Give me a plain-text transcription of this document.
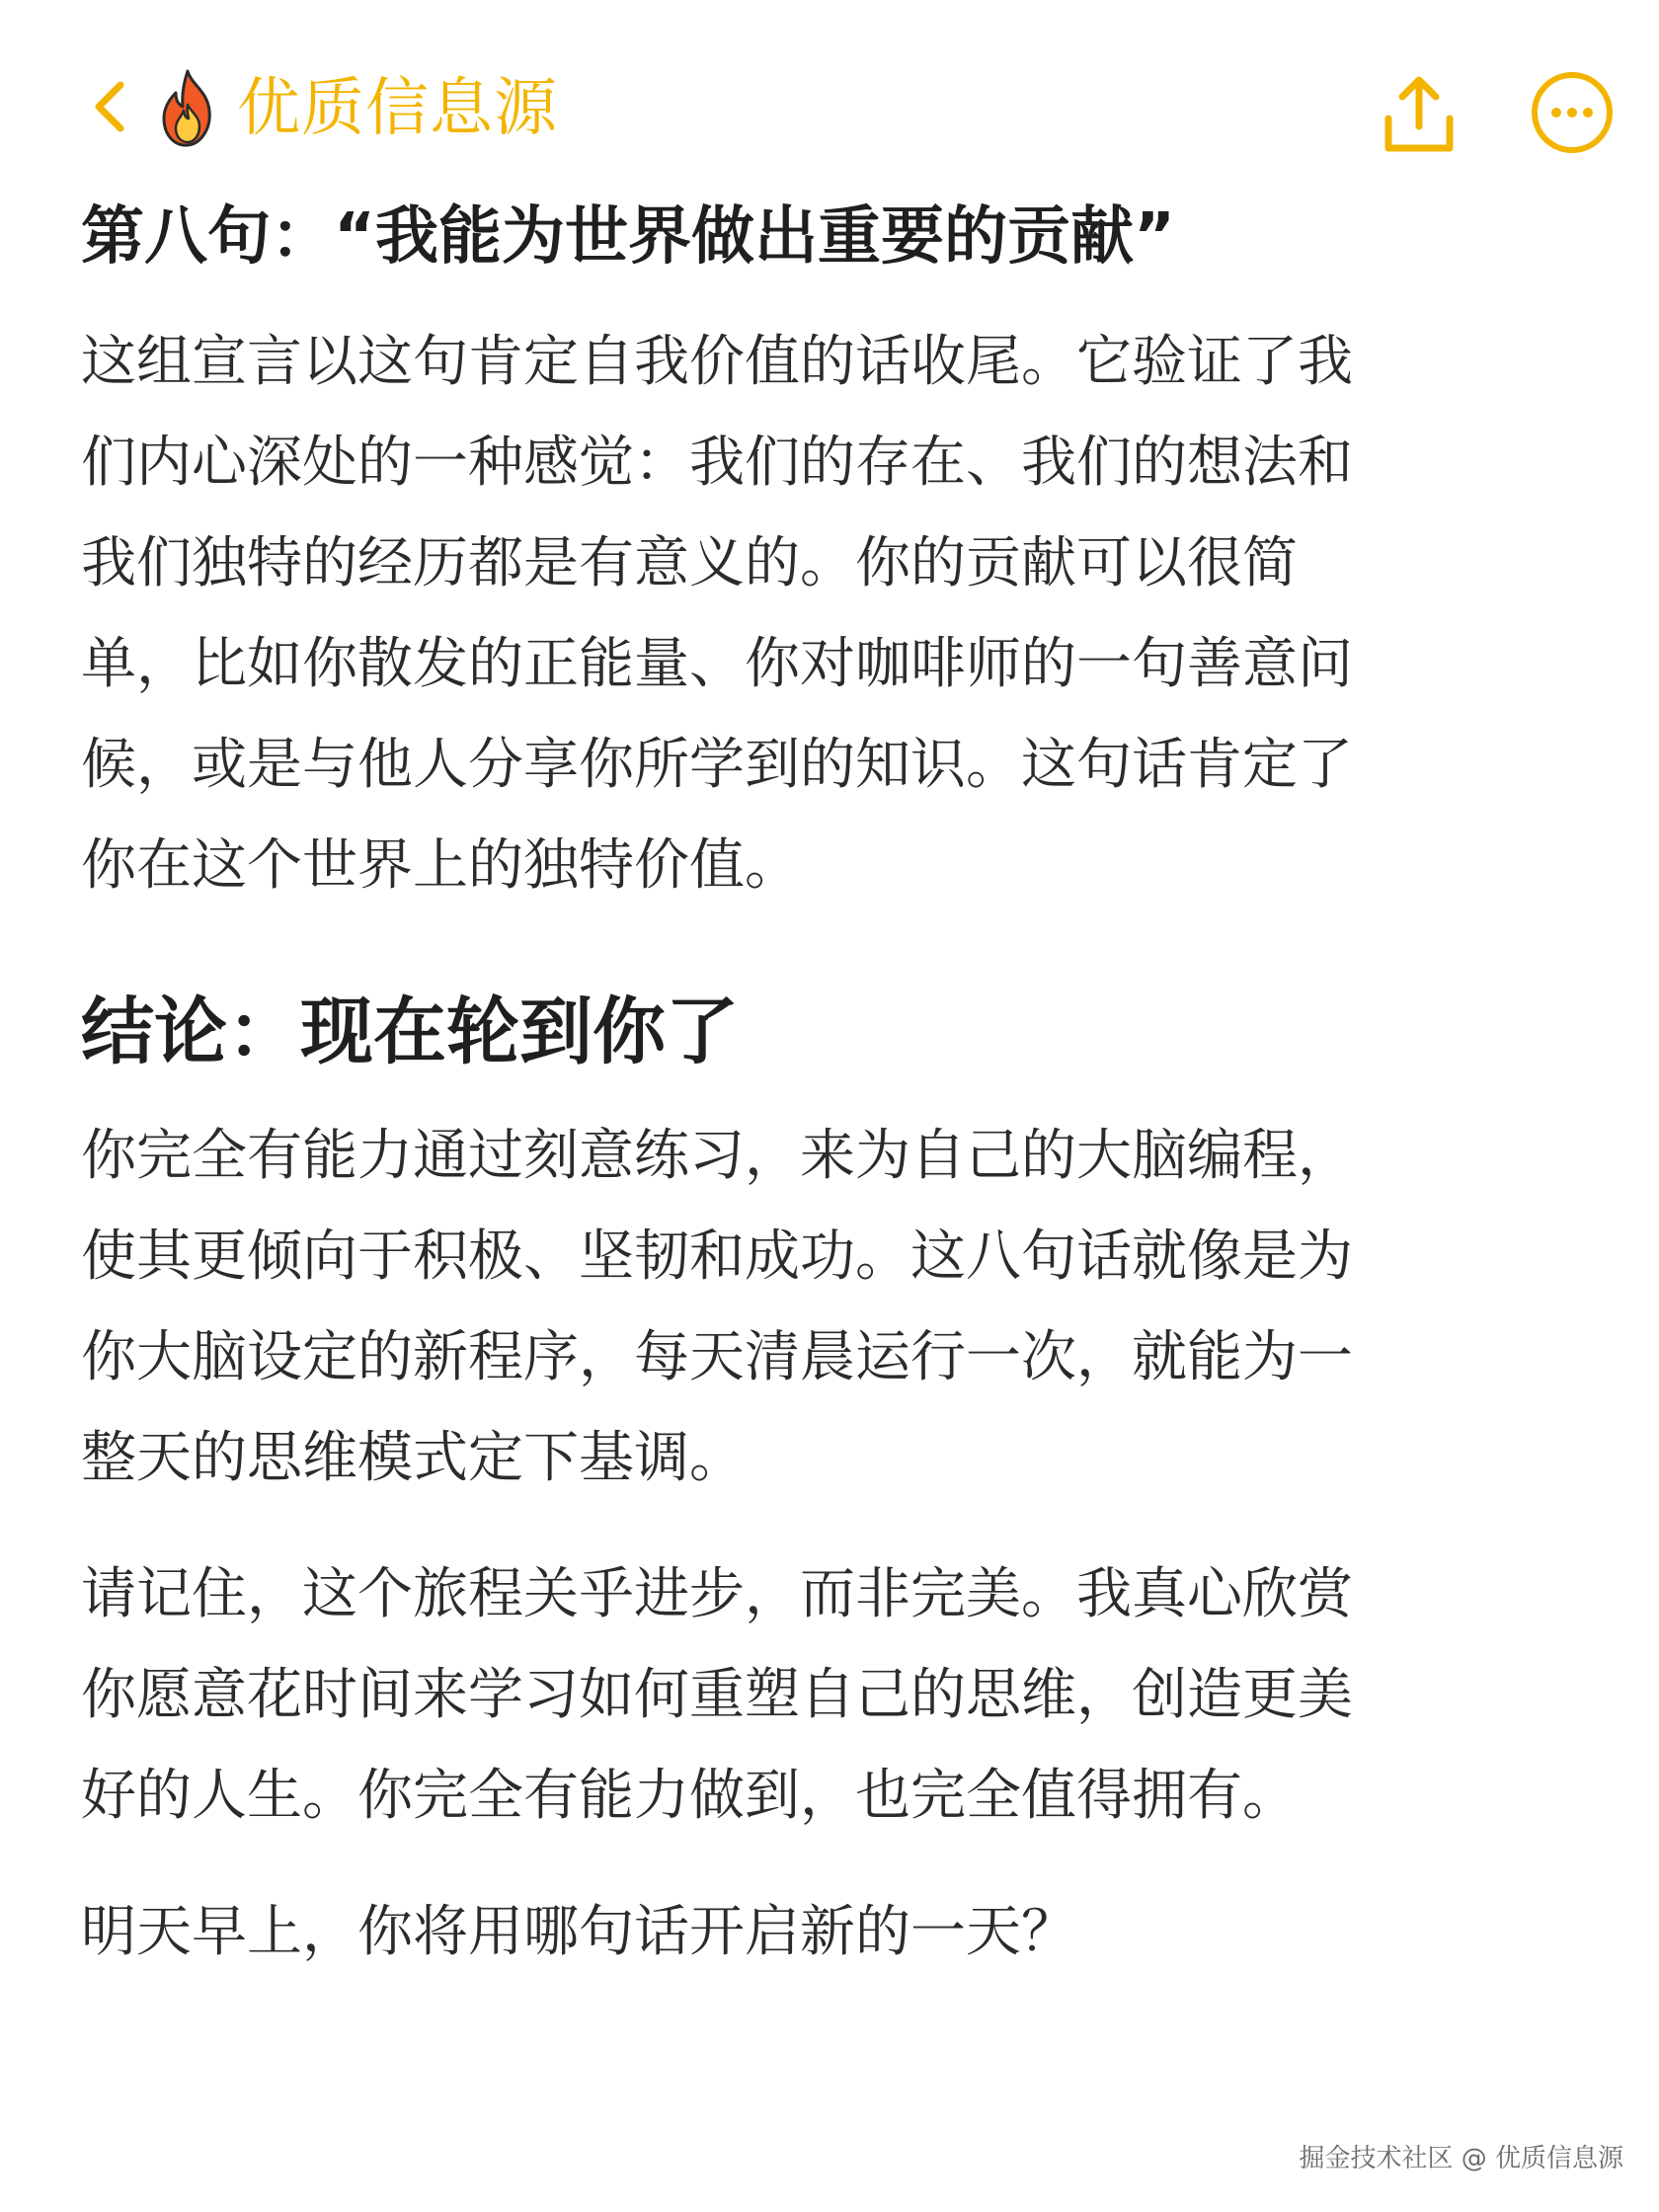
优质信息源
第八句：“我能为世界做出重要的贡献”

这组宣言以这句肯定自我价值的话收尾。它验证了我
们内心深处的一种感觉：我们的存在、我们的想法和
我们独特的经历都是有意义的。你的贡献可以很简
单，比如你散发的正能量、你对咖啡师的一句善意问
候，或是与他人分享你所学到的知识。这句话肯定了
你在这个世界上的独特价值。

结论：现在轮到你了

你完全有能力通过刻意练习，来为自己的大脑编程，
使其更倾向于积极、坚韧和成功。这八句话就像是为
你大脑设定的新程序，每天清晨运行一次，就能为一
整天的思维模式定下基调。

请记住，这个旅程关乎进步，而非完美。我真心欣赏
你愿意花时间来学习如何重塑自己的思维，创造更美
好的人生。你完全有能力做到，也完全值得拥有。

明天早上，你将用哪句话开启新的一天？

掘金技术社区 @ 优质信息源
